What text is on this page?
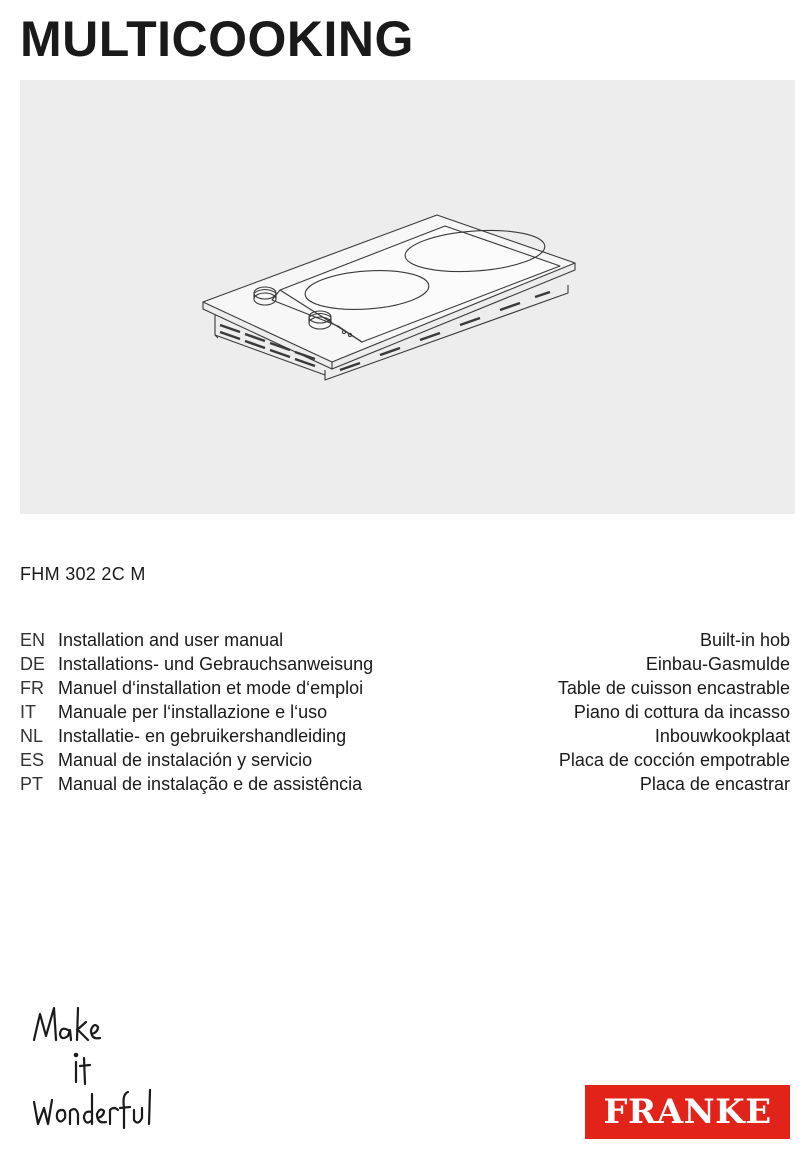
MULTICOOKING
FHM 302 2C M
EN Installation and user manual	Built-in hob
DE Installations- und Gebrauchsanweisung	Einbau-Gasmulde
FR Manuel d‘installation et mode d‘emploi	Table de cuisson encastrable
IT	Manuale per l‘installazione e l‘uso	Piano di cottura da incasso
NL Installatie- en gebruikershandleiding	Inbouwkookplaat
ES Manual de instalación y servicio	Placa de cocción empotrable
PT Manual de instalação e de assistência	Placa de encastrar
FRANKE
